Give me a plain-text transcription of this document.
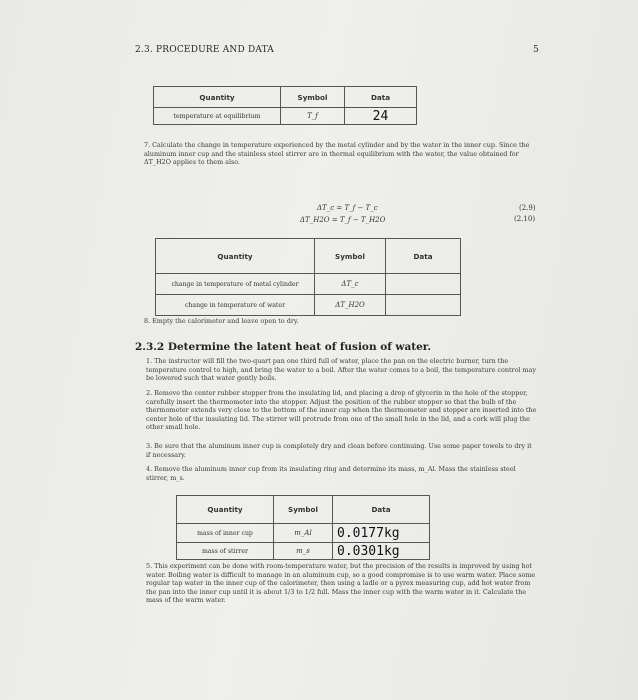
2.3. PROCEDURE AND DATA	5
Quantity	Symbol	Data
temperature at equilibrium	T_f	24
7. Calculate the change in temperature experienced by the metal cylinder and by the water in the inner cup. Since the aluminum inner cup and the stainless steel stirrer are in thermal equilibrium with the water, the value obtained for ΔT_H2O applies to them also.
ΔT_c = T_f − T_c	(2.9)
ΔT_H2O = T_f − T_H2O	(2.10)
Quantity	Symbol	Data
change in temperature of metal cylinder	ΔT_c	
change in temperature of water	ΔT_H2O	
8. Empty the calorimeter and leave open to dry.
2.3.2 Determine the latent heat of fusion of water.
1. The instructor will fill the two-quart pan one third full of water, place the pan on the electric burner, turn the temperature control to high, and bring the water to a boil. After the water comes to a boil, the temperature control may be lowered such that water gently boils.
2. Remove the center rubber stopper from the insulating lid, and placing a drop of glycerin in the hole of the stopper, carefully insert the thermometer into the stopper. Adjust the position of the rubber stopper so that the bulb of the thermometer extends very close to the bottom of the inner cup when the thermometer and stopper are inserted into the center hole of the insulating lid. The stirrer will protrude from one of the small hole in the lid, and a cork will plug the other small hole.
3. Be sure that the aluminum inner cup is completely dry and clean before continuing. Use some paper towels to dry it if necessary.
4. Remove the aluminum inner cup from its insulating ring and determine its mass, m_Al. Mass the stainless steel stirrer, m_s.
Quantity	Symbol	Data
mass of inner cup	m_Al	0.0177kg
mass of stirrer	m_s	0.0301kg
5. This experiment can be done with room-temperature water, but the precision of the results is improved by using hot water. Boiling water is difficult to manage in an aluminum cup, so a good compromise is to use warm water. Place some regular tap water in the inner cup of the calorimeter, then using a ladle or a pyrex measuring cup, add hot water from the pan into the inner cup until it is about 1/3 to 1/2 full. Mass the inner cup with the warm water in it. Calculate the mass of the warm water.
